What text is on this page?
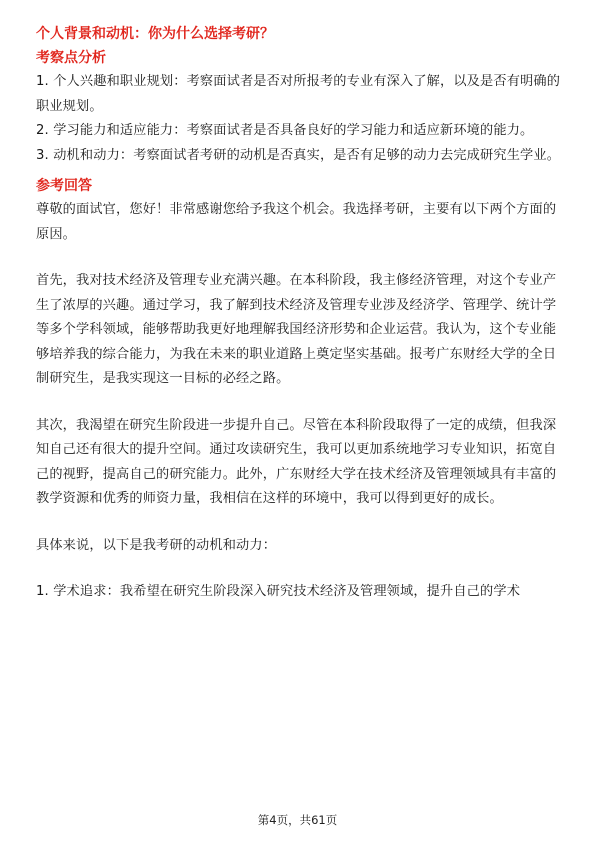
个人背景和动机：你为什么选择考研？

考察点分析

1. 个人兴趣和职业规划：考察面试者是否对所报考的专业有深入了解，以及是否有明确的职业规划。

2. 学习能力和适应能力：考察面试者是否具备良好的学习能力和适应新环境的能力。

3. 动机和动力：考察面试者考研的动机是否真实，是否有足够的动力去完成研究生学业。

参考回答

尊敬的面试官，您好！非常感谢您给予我这个机会。我选择考研，主要有以下两个方面的原因。

首先，我对技术经济及管理专业充满兴趣。在本科阶段，我主修经济管理，对这个专业产生了浓厚的兴趣。通过学习，我了解到技术经济及管理专业涉及经济学、管理学、统计学等多个学科领域，能够帮助我更好地理解我国经济形势和企业运营。我认为，这个专业能够培养我的综合能力，为我在未来的职业道路上奠定坚实基础。报考广东财经大学的全日制研究生，是我实现这一目标的必经之路。

其次，我渴望在研究生阶段进一步提升自己。尽管在本科阶段取得了一定的成绩，但我深知自己还有很大的提升空间。通过攻读研究生，我可以更加系统地学习专业知识，拓宽自己的视野，提高自己的研究能力。此外，广东财经大学在技术经济及管理领域具有丰富的教学资源和优秀的师资力量，我相信在这样的环境中，我可以得到更好的成长。

具体来说，以下是我考研的动机和动力：

1. 学术追求：我希望在研究生阶段深入研究技术经济及管理领域，提升自己的学术

第4页，共61页
